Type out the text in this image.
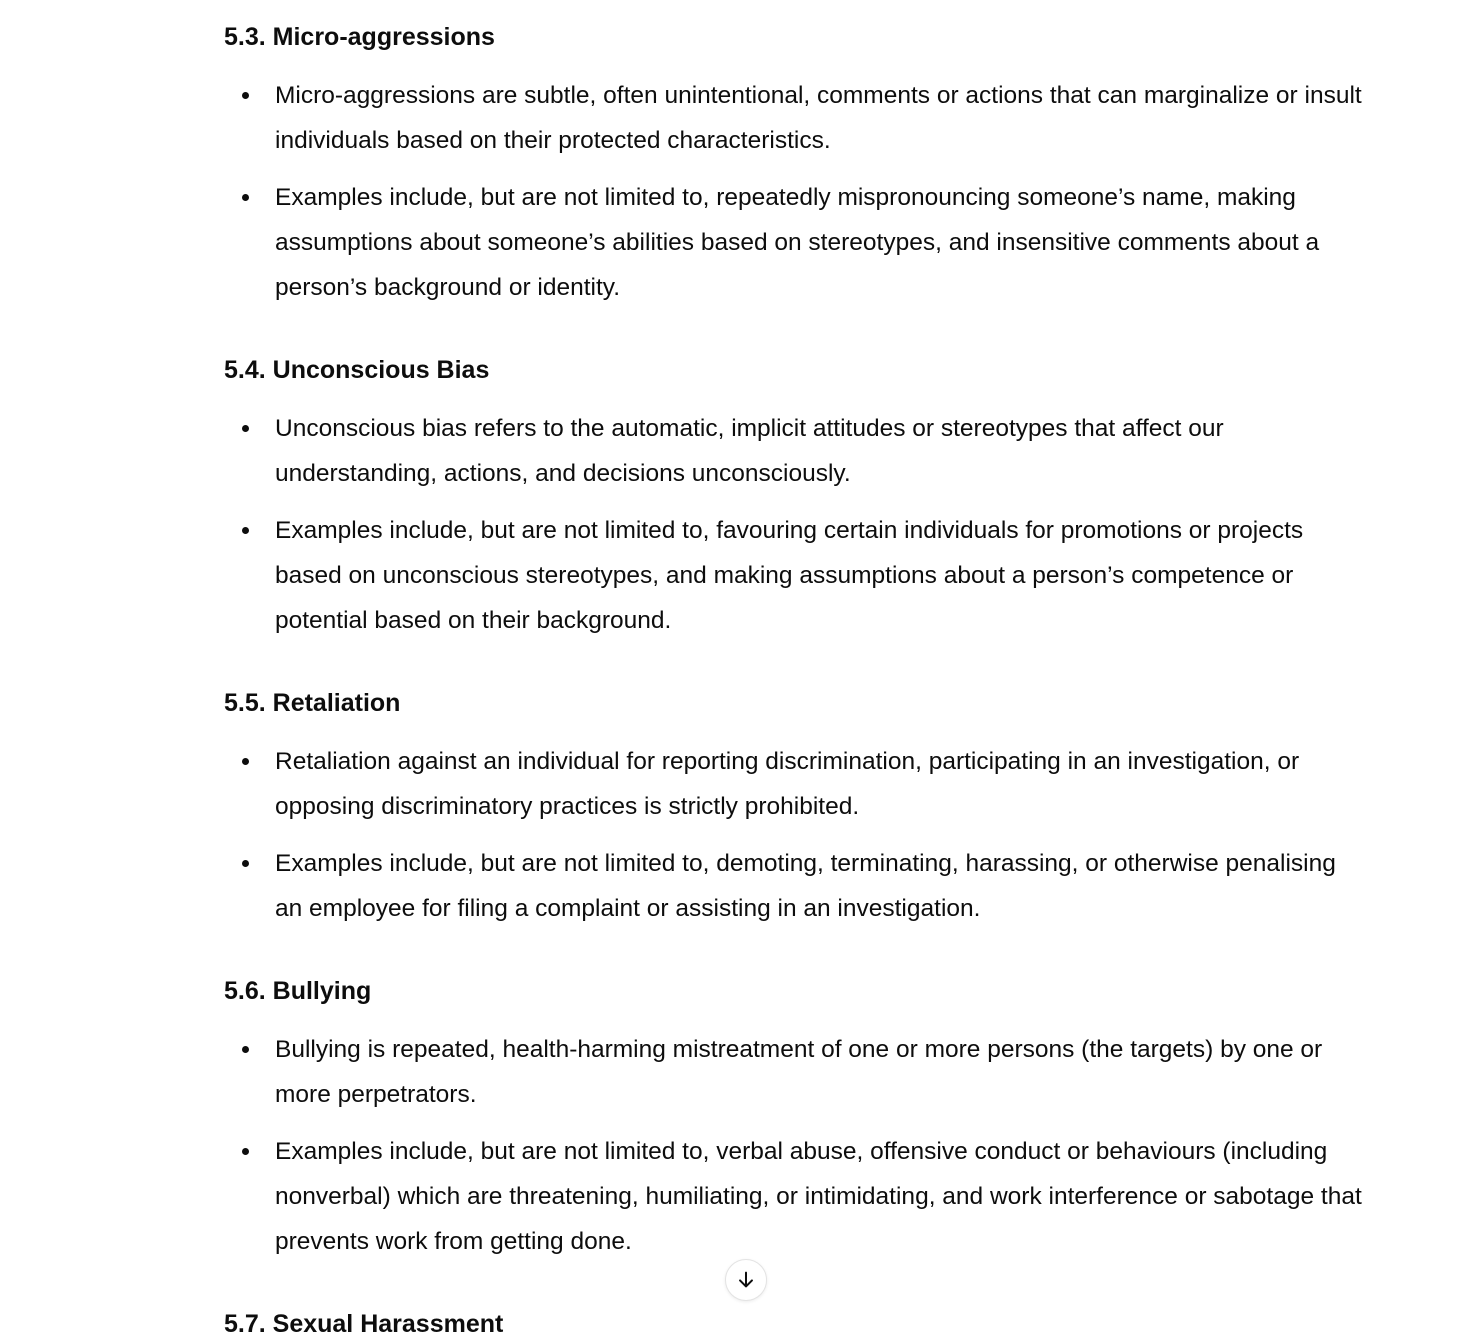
5.3. Micro-aggressions
Micro-aggressions are subtle, often unintentional, comments or actions that can marginalize or insult individuals based on their protected characteristics.
Examples include, but are not limited to, repeatedly mispronouncing someone’s name, making assumptions about someone’s abilities based on stereotypes, and insensitive comments about a person’s background or identity.
5.4. Unconscious Bias
Unconscious bias refers to the automatic, implicit attitudes or stereotypes that affect our understanding, actions, and decisions unconsciously.
Examples include, but are not limited to, favouring certain individuals for promotions or projects based on unconscious stereotypes, and making assumptions about a person’s competence or potential based on their background.
5.5. Retaliation
Retaliation against an individual for reporting discrimination, participating in an investigation, or opposing discriminatory practices is strictly prohibited.
Examples include, but are not limited to, demoting, terminating, harassing, or otherwise penalising an employee for filing a complaint or assisting in an investigation.
5.6. Bullying
Bullying is repeated, health-harming mistreatment of one or more persons (the targets) by one or more perpetrators.
Examples include, but are not limited to, verbal abuse, offensive conduct or behaviours (including nonverbal) which are threatening, humiliating, or intimidating, and work interference or sabotage that prevents work from getting done.
5.7. Sexual Harassment
